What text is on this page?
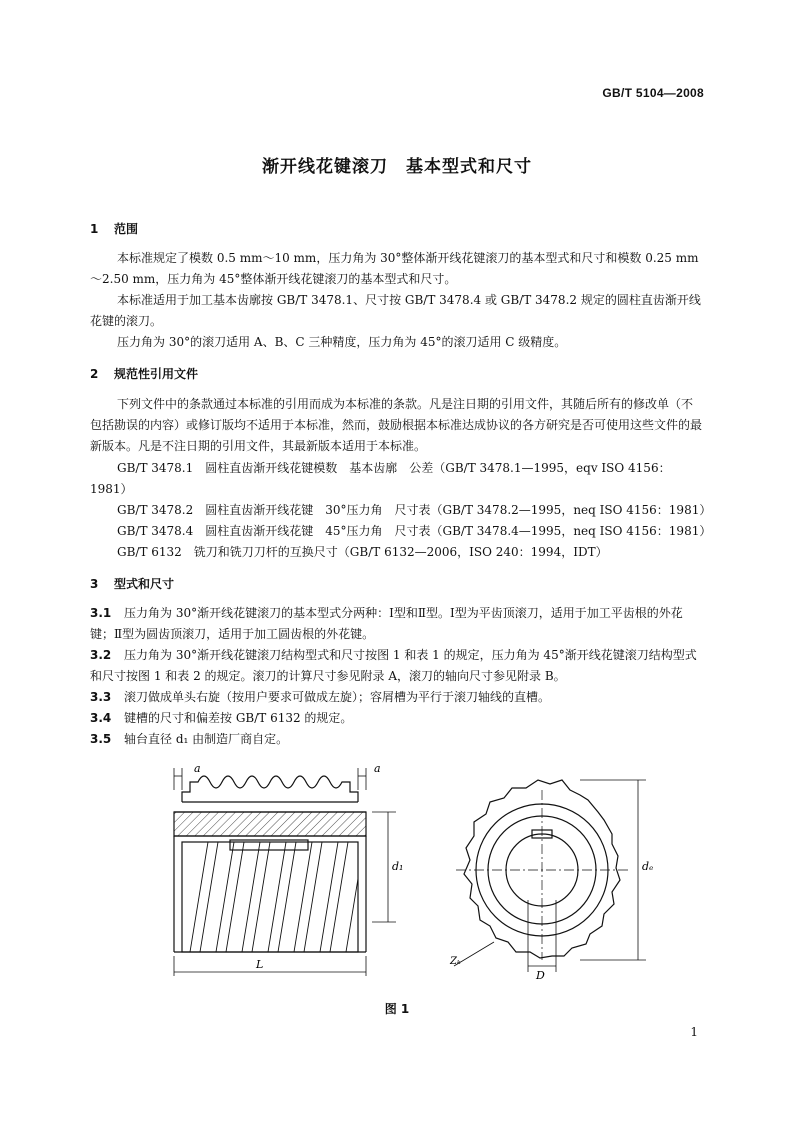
GB/T 5104—2008
渐开线花键滚刀　基本型式和尺寸
1 范围
本标准规定了模数 0.5 mm～10 mm，压力角为 30°整体渐开线花键滚刀的基本型式和尺寸和模数 0.25 mm～2.50 mm，压力角为 45°整体渐开线花键滚刀的基本型式和尺寸。
本标准适用于加工基本齿廓按 GB/T 3478.1、尺寸按 GB/T 3478.4 或 GB/T 3478.2 规定的圆柱直齿渐开线花键的滚刀。
压力角为 30°的滚刀适用 A、B、C 三种精度，压力角为 45°的滚刀适用 C 级精度。
2 规范性引用文件
下列文件中的条款通过本标准的引用而成为本标准的条款。凡是注日期的引用文件，其随后所有的修改单（不包括勘误的内容）或修订版均不适用于本标准，然而，鼓励根据本标准达成协议的各方研究是否可使用这些文件的最新版本。凡是不注日期的引用文件，其最新版本适用于本标准。
GB/T 3478.1　圆柱直齿渐开线花键模数　基本齿廓　公差（GB/T 3478.1—1995，eqv ISO 4156：1981）
GB/T 3478.2　圆柱直齿渐开线花键　30°压力角　尺寸表（GB/T 3478.2—1995，neq ISO 4156：1981）
GB/T 3478.4　圆柱直齿渐开线花键　45°压力角　尺寸表（GB/T 3478.4—1995，neq ISO 4156：1981）
GB/T 6132　铣刀和铣刀刀杆的互换尺寸（GB/T 6132—2006，ISO 240：1994，IDT）
3 型式和尺寸
3.1 压力角为 30°渐开线花键滚刀的基本型式分两种：Ⅰ型和Ⅱ型。Ⅰ型为平齿顶滚刀，适用于加工平齿根的外花键；Ⅱ型为圆齿顶滚刀，适用于加工圆齿根的外花键。
3.2 压力角为 30°渐开线花键滚刀结构型式和尺寸按图 1 和表 1 的规定，压力角为 45°渐开线花键滚刀结构型式和尺寸按图 1 和表 2 的规定。滚刀的计算尺寸参见附录 A，滚刀的轴向尺寸参见附录 B。
3.3 滚刀做成单头右旋（按用户要求可做成左旋）；容屑槽为平行于滚刀轴线的直槽。
3.4 键槽的尺寸和偏差按 GB/T 6132 的规定。
3.5 轴台直径 d₁ 由制造厂商自定。
a	a
L
d₁	dₑ
D
Zₖ
图 1
1
